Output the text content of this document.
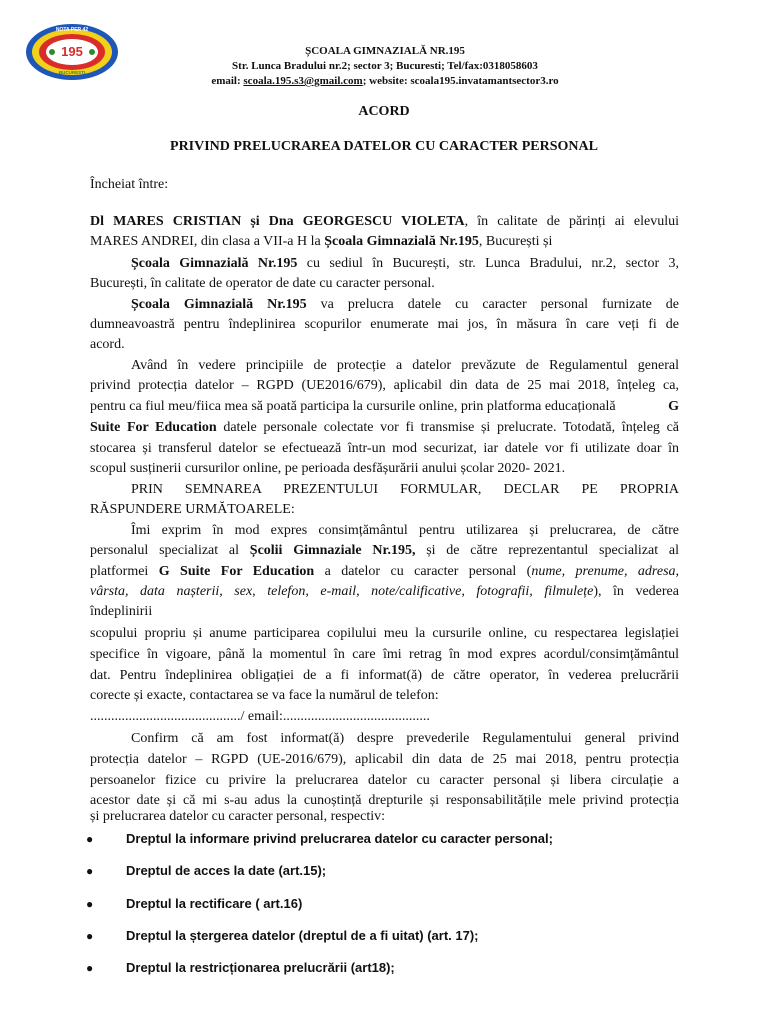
NOTA PER 42
195
BUCURESTI
ȘCOALA GIMNAZIALĂ NR.195
Str. Lunca Bradului nr.2; sector 3; Bucuresti; Tel/fax:0318058603
email: scoala.195.s3@gmail.com; website: scoala195.invatamantsector3.ro
ACORD
PRIVIND PRELUCRAREA DATELOR CU CARACTER PERSONAL
Încheiat între:
Dl MARES CRISTIAN și Dna GEORGESCU VIOLETA, în calitate de părinți ai elevului
MARES ANDREI, din clasa a VII-a H la Școala Gimnazială Nr.195, București și
Școala Gimnazială Nr.195 cu sediul în București, str. Lunca Bradului, nr.2, sector 3,
București, în calitate de operator de date cu caracter personal.
Școala Gimnazială Nr.195 va prelucra datele cu caracter personal furnizate de
dumneavoastră pentru îndeplinirea scopurilor enumerate mai jos, în măsura în care veți fi de
acord.
Având în vedere principiile de protecție a datelor prevăzute de Regulamentul general
privind protecția datelor – RGPD (UE2016/679), aplicabil din data de 25 mai 2018, înțeleg ca,
pentru ca fiul meu/fiica mea să poată participa la cursurile online, prin platforma educațională	G
Suite For Education datele personale colectate vor fi transmise și prelucrate. Totodată, înțeleg că
stocarea și transferul datelor se efectuează într-un mod securizat, iar datele vor fi utilizate doar în
scopul susținerii cursurilor online, pe perioada desfășurării anului școlar 2020- 2021.
PRIN SEMNAREA PREZENTULUI FORMULAR, DECLAR PE PROPRIA
RĂSPUNDERE URMĂTOARELE:
Îmi exprim în mod expres consimțământul pentru utilizarea și prelucrarea, de către
personalul specializat al Școlii Gimnaziale Nr.195, și de către reprezentantul specializat al
platformei G Suite For Education a datelor cu caracter personal (nume, prenume, adresa,
vârsta, data nașterii, sex, telefon, e-mail, note/calificative, fotografii, filmulețe), în vederea
îndeplinirii
scopului propriu și anume participarea copilului meu la cursurile online, cu respectarea legislației
specifice în vigoare, până la momentul în care îmi retrag în mod expres acordul/consimțământul
dat. Pentru îndeplinirea obligației de a fi informat(ă) de către operator, în vederea prelucrării
corecte și exacte, contactarea se va face la numărul de telefon:
.........................................../ email:..........................................
Confirm că am fost informat(ă) despre prevederile Regulamentului general privind
protecția datelor – RGPD (UE-2016/679), aplicabil din data de 25 mai 2018, pentru protecția
persoanelor fizice cu privire la prelucrarea datelor cu caracter personal și libera circulație a
acestor date și că mi s-au adus la cunoștință drepturile și responsabilitățile mele privind protecția
și prelucrarea datelor cu caracter personal, respectiv:
●	Dreptul la informare privind prelucrarea datelor cu caracter personal;
●	Dreptul de acces la date (art.15);
●	Dreptul la rectificare ( art.16)
●	Dreptul la ștergerea datelor (dreptul de a fi uitat) (art. 17);
●	Dreptul la restricționarea prelucrării (art18);
